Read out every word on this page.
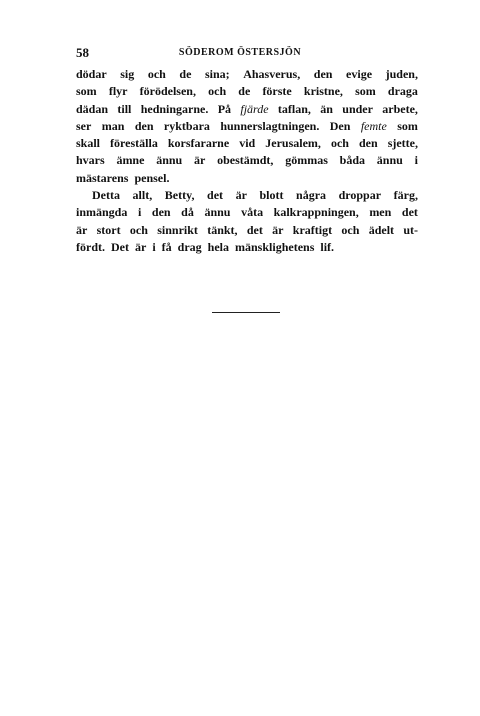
58	SÖDEROM ÖSTERSJÖN
dödar sig och de sina; Ahasverus, den evige juden,
som flyr förödelsen, och de förste kristne, som draga
dädan till hedningarne. På fjärde taflan, än under arbete,
ser man den ryktbara hunnerslagtningen. Den femte som
skall föreställa korsfararne vid Jerusalem, och den sjette,
hvars ämne ännu är obestämdt, gömmas båda ännu i
mästarens pensel.
Detta allt, Betty, det är blott några droppar färg,
inmängda i den då ännu våta kalkrappningen, men det
är stort och sinnrikt tänkt, det är kraftigt och ädelt ut-
fördt. Det är i få drag hela mänsklighetens lif.
